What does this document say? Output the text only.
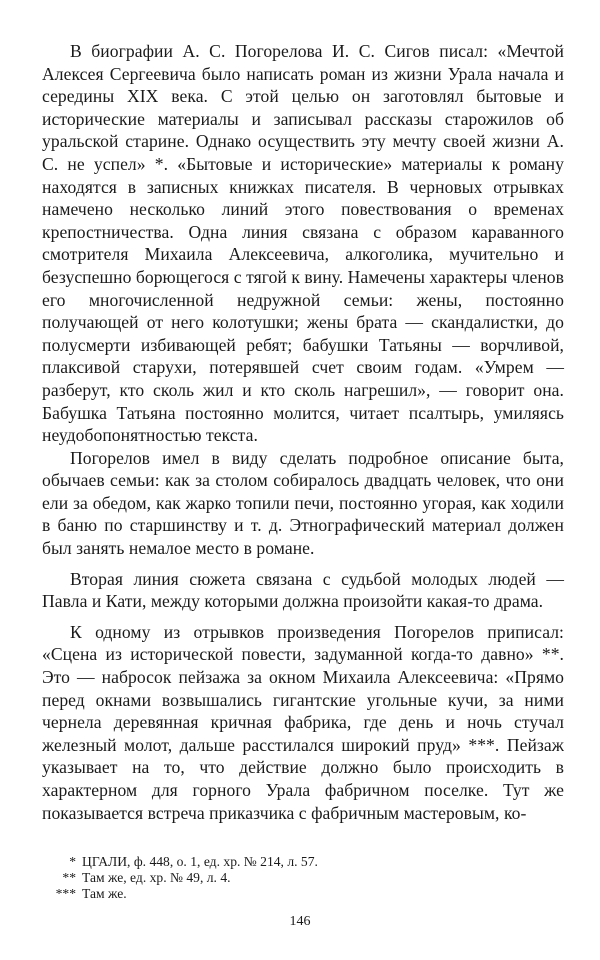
В биографии А. С. Погорелова И. С. Сигов писал: «Мечтой Алексея Сергеевича было написать роман из жизни Урала начала и середины XIX века. С этой целью он заготовлял бытовые и исторические материалы и записывал рассказы старожилов об уральской старине. Однако осуществить эту мечту своей жизни А. С. не успел» *. «Бытовые и исторические» материалы к роману находятся в записных книжках писателя. В черновых отрывках намечено несколько линий этого повествования о временах крепостничества. Одна линия связана с образом караванного смотрителя Михаила Алексеевича, алкоголика, мучительно и безуспешно борющегося с тягой к вину. Намечены характеры членов его многочисленной недружной семьи: жены, постоянно получающей от него колотушки; жены брата — скандалистки, до полусмерти избивающей ребят; бабушки Татьяны — ворчливой, плаксивой старухи, потерявшей счет своим годам. «Умрем — разберут, кто сколь жил и кто сколь нагрешил», — говорит она. Бабушка Татьяна постоянно молится, читает псалтырь, умиляясь неудобопонятностью текста.

Погорелов имел в виду сделать подробное описание быта, обычаев семьи: как за столом собиралось двадцать человек, что они ели за обедом, как жарко топили печи, постоянно угорая, как ходили в баню по старшинству и т. д. Этнографический материал должен был занять немалое место в романе.

Вторая линия сюжета связана с судьбой молодых людей — Павла и Кати, между которыми должна произойти какая-то драма.

К одному из отрывков произведения Погорелов приписал: «Сцена из исторической повести, задуманной когда-то давно» **. Это — набросок пейзажа за окном Михаила Алексеевича: «Прямо перед окнами возвышались гигантские угольные кучи, за ними чернела деревянная кричная фабрика, где день и ночь стучал железный молот, дальше расстилался широкий пруд» ***. Пейзаж указывает на то, что действие должно было происходить в характерном для горного Урала фабричном поселке. Тут же показывается встреча приказчика с фабричным мастеровым, ко-

* ЦГАЛИ, ф. 448, о. 1, ед. хр. № 214, л. 57.

** Там же, ед. хр. № 49, л. 4.

*** Там же.

146
